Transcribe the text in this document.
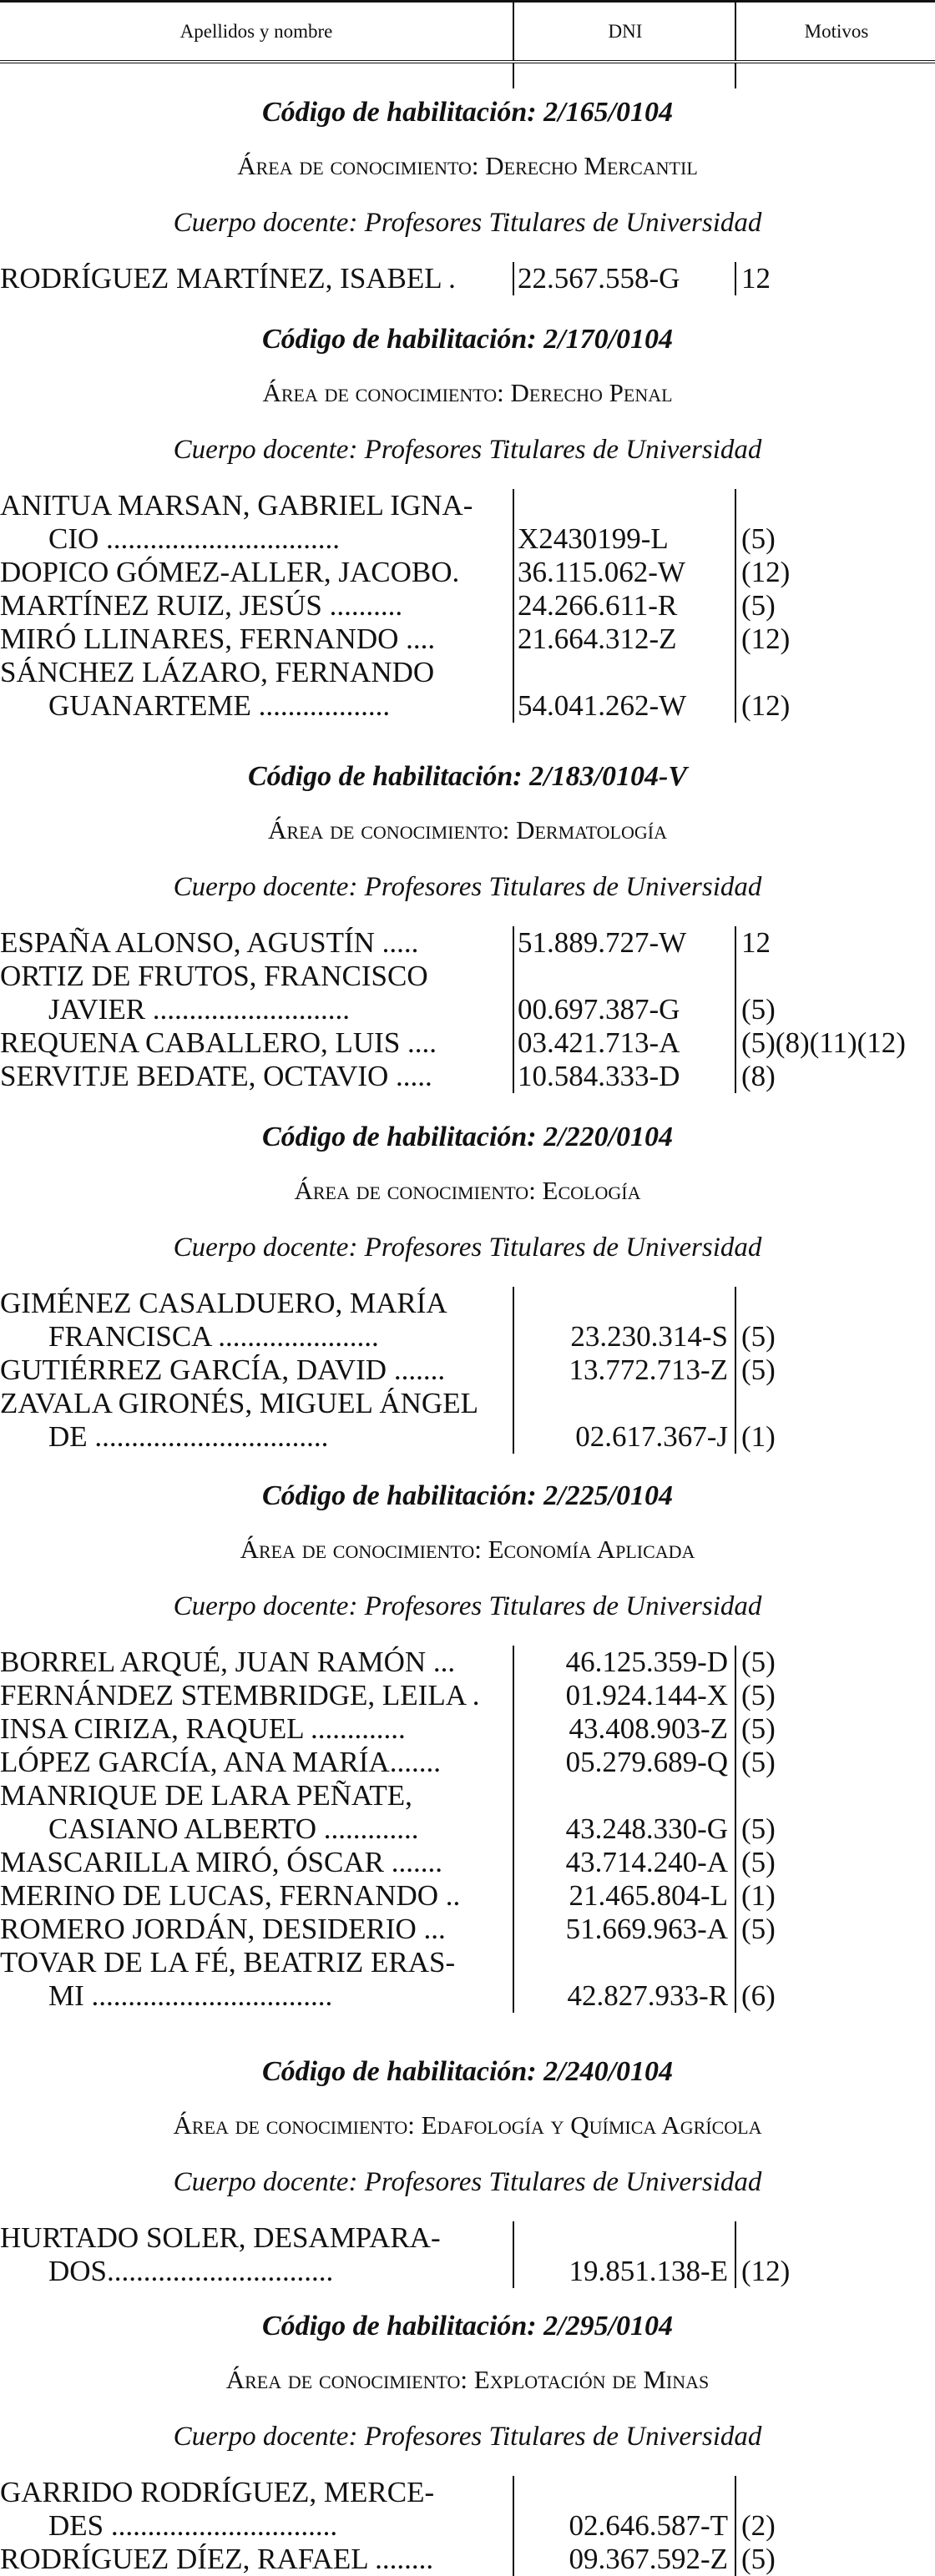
Apellidos y nombre	DNI	Motivos
Código de habilitación: 2/165/0104
Área de conocimiento: Derecho Mercantil
Cuerpo docente: Profesores Titulares de Universidad
RODRÍGUEZ MARTÍNEZ, ISABEL .	22.567.558-G	12
Código de habilitación: 2/170/0104
Área de conocimiento: Derecho Penal
Cuerpo docente: Profesores Titulares de Universidad
ANITUA MARSAN, GABRIEL IGNA-
CIO ................................	X2430199-L	(5)
DOPICO GÓMEZ-ALLER, JACOBO.	36.115.062-W	(12)
MARTÍNEZ RUIZ, JESÚS ..........	24.266.611-R	(5)
MIRÓ LLINARES, FERNANDO ....	21.664.312-Z	(12)
SÁNCHEZ LÁZARO, FERNANDO
GUANARTEME ..................	54.041.262-W	(12)
Código de habilitación: 2/183/0104-V
Área de conocimiento: Dermatología
Cuerpo docente: Profesores Titulares de Universidad
ESPAÑA ALONSO, AGUSTÍN .....	51.889.727-W	12
ORTIZ DE FRUTOS, FRANCISCO
JAVIER ...........................	00.697.387-G	(5)
REQUENA CABALLERO, LUIS ....	03.421.713-A	(5)(8)(11)(12)
SERVITJE BEDATE, OCTAVIO .....	10.584.333-D	(8)
Código de habilitación: 2/220/0104
Área de conocimiento: Ecología
Cuerpo docente: Profesores Titulares de Universidad
GIMÉNEZ CASALDUERO, MARÍA
FRANCISCA ......................	23.230.314-S (5)
GUTIÉRREZ GARCÍA, DAVID .......	13.772.713-Z (5)
ZAVALA GIRONÉS, MIGUEL ÁNGEL
DE ................................	02.617.367-J (1)
Código de habilitación: 2/225/0104
Área de conocimiento: Economía Aplicada
Cuerpo docente: Profesores Titulares de Universidad
BORREL ARQUÉ, JUAN RAMÓN ...	46.125.359-D (5)
FERNÁNDEZ STEMBRIDGE, LEILA .	01.924.144-X (5)
INSA CIRIZA, RAQUEL .............	43.408.903-Z (5)
LÓPEZ GARCÍA, ANA MARÍA.......	05.279.689-Q (5)
MANRIQUE DE LARA PEÑATE,
CASIANO ALBERTO .............	43.248.330-G (5)
MASCARILLA MIRÓ, ÓSCAR .......	43.714.240-A (5)
MERINO DE LUCAS, FERNANDO ..	21.465.804-L (1)
ROMERO JORDÁN, DESIDERIO ...	51.669.963-A (5)
TOVAR DE LA FÉ, BEATRIZ ERAS-
MI .................................	42.827.933-R (6)
Código de habilitación: 2/240/0104
Área de conocimiento: Edafología y Química Agrícola
Cuerpo docente: Profesores Titulares de Universidad
HURTADO SOLER, DESAMPARA-
DOS...............................	19.851.138-E (12)
Código de habilitación: 2/295/0104
Área de conocimiento: Explotación de Minas
Cuerpo docente: Profesores Titulares de Universidad
GARRIDO RODRÍGUEZ, MERCE-
DES ...............................	02.646.587-T (2)
RODRÍGUEZ DÍEZ, RAFAEL ........	09.367.592-Z (5)
